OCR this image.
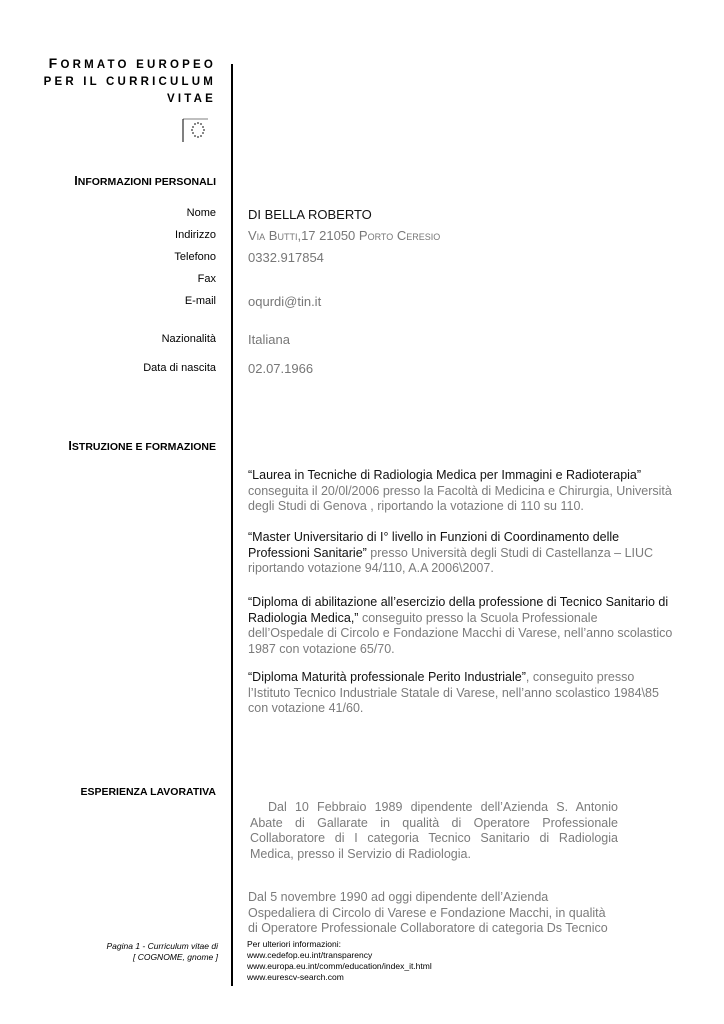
FORMATO EUROPEO
PER IL CURRICULUM
VITAE
INFORMAZIONI PERSONALI
Nome DI BELLA ROBERTO
Indirizzo Via Butti,17 21050 Porto Ceresio
Telefono 0332.917854
Fax
E-mail oqurdi@tin.it
Nazionalità Italiana
Data di nascita 02.07.1966
ISTRUZIONE E FORMAZIONE
“Laurea in Tecniche di Radiologia Medica per Immagini e Radioterapia” conseguita il 20/0l/2006 presso la Facoltà di Medicina e Chirurgia, Università degli Studi di Genova , riportando la votazione di 110 su 110.
“Master Universitario di I° livello in Funzioni di Coordinamento delle Professioni Sanitarie” presso Università degli Studi di Castellanza – LIUC riportando votazione 94/110, A.A 2006\2007.
“Diploma di abilitazione all’esercizio della professione di Tecnico Sanitario di Radiologia Medica,” conseguito presso la Scuola Professionale dell’Ospedale di Circolo e Fondazione Macchi di Varese, nell’anno scolastico 1987 con votazione 65/70.
“Diploma Maturità professionale Perito Industriale”, conseguito presso l’Istituto Tecnico Industriale Statale di Varese, nell’anno scolastico 1984\85 con votazione 41/60.
ESPERIENZA LAVORATIVA
Dal 10 Febbraio 1989 dipendente dell’Azienda S. Antonio Abate di Gallarate in qualità di Operatore Professionale Collaboratore di I categoria Tecnico Sanitario di Radiologia Medica, presso il Servizio di Radiologia.
Dal 5 novembre 1990 ad oggi dipendente dell’Azienda Ospedaliera di Circolo di Varese e Fondazione Macchi, in qualità di Operatore Professionale Collaboratore di categoria Ds Tecnico
Pagina 1 - Curriculum vitae di
[ COGNOME, gnome ]
Per ulteriori informazioni:
www.cedefop.eu.int/transparency
www.europa.eu.int/comm/education/index_it.html
www.eurescv-search.com
